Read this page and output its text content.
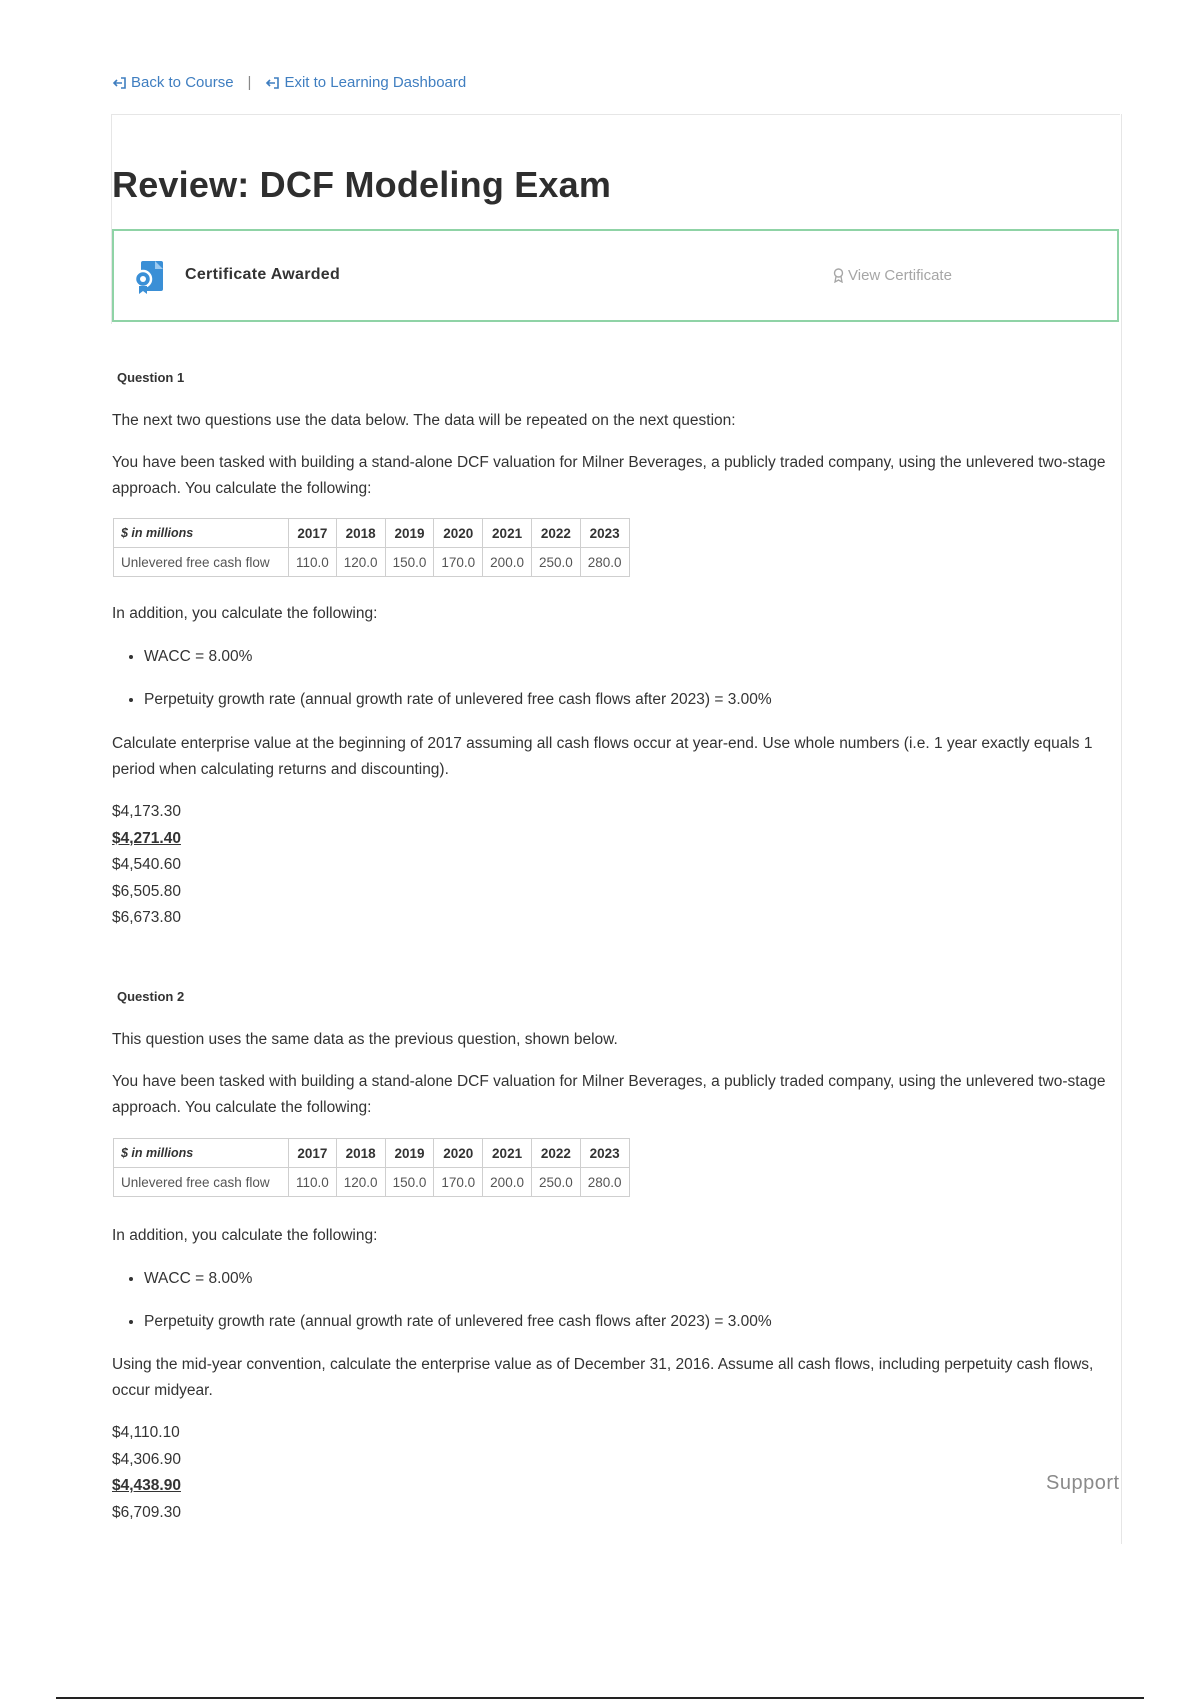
Back to Course | Exit to Learning Dashboard
Review: DCF Modeling Exam
Certificate Awarded	View Certificate
Question 1

The next two questions use the data below. The data will be repeated on the next question:

You have been tasked with building a stand-alone DCF valuation for Milner Beverages, a publicly traded company, using the unlevered two-stage approach. You calculate the following:

$ in millions	2017	2018	2019	2020	2021	2022	2023
Unlevered free cash flow	110.0	120.0	150.0	170.0	200.0	250.0	280.0

In addition, you calculate the following:

• WACC = 8.00%
• Perpetuity growth rate (annual growth rate of unlevered free cash flows after 2023) = 3.00%

Calculate enterprise value at the beginning of 2017 assuming all cash flows occur at year-end. Use whole numbers (i.e. 1 year exactly equals 1 period when calculating returns and discounting).

$4,173.30
$4,271.40
$4,540.60
$6,505.80
$6,673.80
Question 2

This question uses the same data as the previous question, shown below.

You have been tasked with building a stand-alone DCF valuation for Milner Beverages, a publicly traded company, using the unlevered two-stage approach. You calculate the following:

$ in millions	2017	2018	2019	2020	2021	2022	2023
Unlevered free cash flow	110.0	120.0	150.0	170.0	200.0	250.0	280.0

In addition, you calculate the following:

• WACC = 8.00%
• Perpetuity growth rate (annual growth rate of unlevered free cash flows after 2023) = 3.00%

Using the mid-year convention, calculate the enterprise value as of December 31, 2016. Assume all cash flows, including perpetuity cash flows, occur midyear.

$4,110.10
$4,306.90
$4,438.90
$6,709.30
Support
